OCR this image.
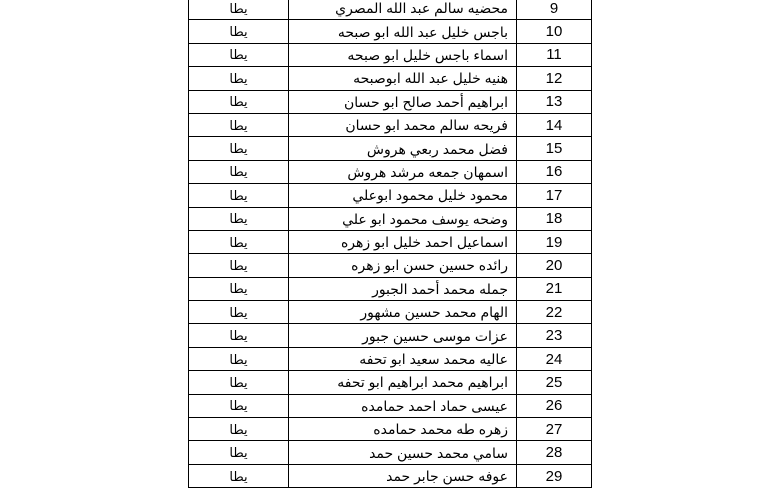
يطا	محضيه سالم عبد الله المصري	9
يطا	باجس خليل عبد الله ابو صبحه	10
يطا	اسماء باجس خليل ابو صبحه	11
يطا	هنيه خليل عبد الله ابوصبحه	12
يطا	ابراهيم أحمد صالح ابو حسان	13
يطا	فريحه سالم محمد ابو حسان	14
يطا	فضل محمد ربعي هروش	15
يطا	اسمهان جمعه مرشد هروش	16
يطا	محمود خليل محمود ابوعلي	17
يطا	وضحه يوسف محمود ابو علي	18
يطا	اسماعيل احمد خليل ابو زهره	19
يطا	رائده حسين حسن ابو زهره	20
يطا	جمله محمد أحمد الجبور	21
يطا	الهام محمد حسين مشهور	22
يطا	عزات موسى حسين جبور	23
يطا	عاليه محمد سعيد ابو تحفه	24
يطا	ابراهيم محمد ابراهيم ابو تحفه	25
يطا	عيسى حماد احمد حمامده	26
يطا	زهره طه محمد حمامده	27
يطا	سامي محمد حسين حمد	28
يطا	عوفه حسن جابر حمد	29
